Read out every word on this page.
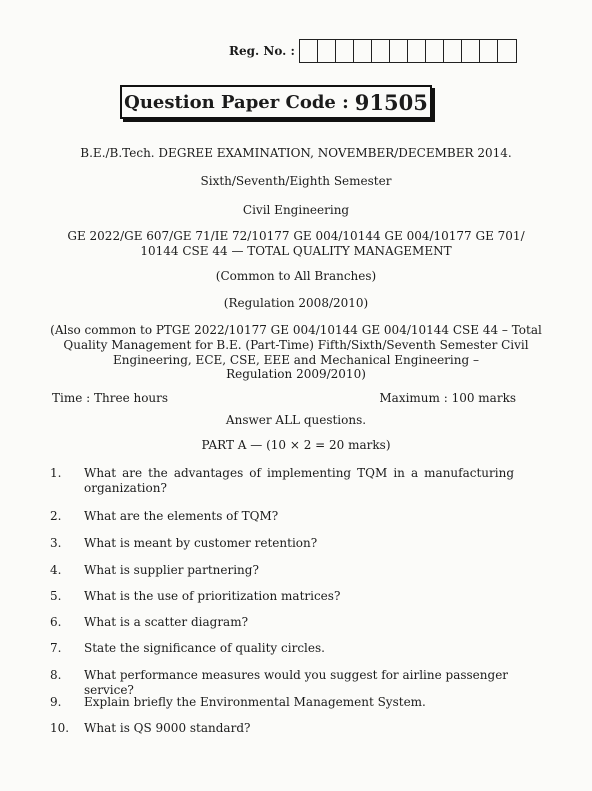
Reg. No. :
Question Paper Code : 91505
B.E./B.Tech. DEGREE EXAMINATION, NOVEMBER/DECEMBER 2014.
Sixth/Seventh/Eighth Semester
Civil Engineering
GE 2022/GE 607/GE 71/IE 72/10177 GE 004/10144 GE 004/10177 GE 701/
10144 CSE 44 — TOTAL QUALITY MANAGEMENT
(Common to All Branches)
(Regulation 2008/2010)
(Also common to PTGE 2022/10177 GE 004/10144 GE 004/10144 CSE 44 – Total
Quality Management for B.E. (Part-Time) Fifth/Sixth/Seventh Semester Civil
Engineering, ECE, CSE, EEE and Mechanical Engineering –
Regulation 2009/2010)
Time : Three hours	Maximum : 100 marks
Answer ALL questions.
PART A — (10 × 2 = 20 marks)
1. What are the advantages of implementing TQM in a manufacturing
organization?
2. What are the elements of TQM?
3. What is meant by customer retention?
4. What is supplier partnering?
5. What is the use of prioritization matrices?
6. What is a scatter diagram?
7. State the significance of quality circles.
8. What performance measures would you suggest for airline passenger service?
9. Explain briefly the Environmental Management System.
10. What is QS 9000 standard?
